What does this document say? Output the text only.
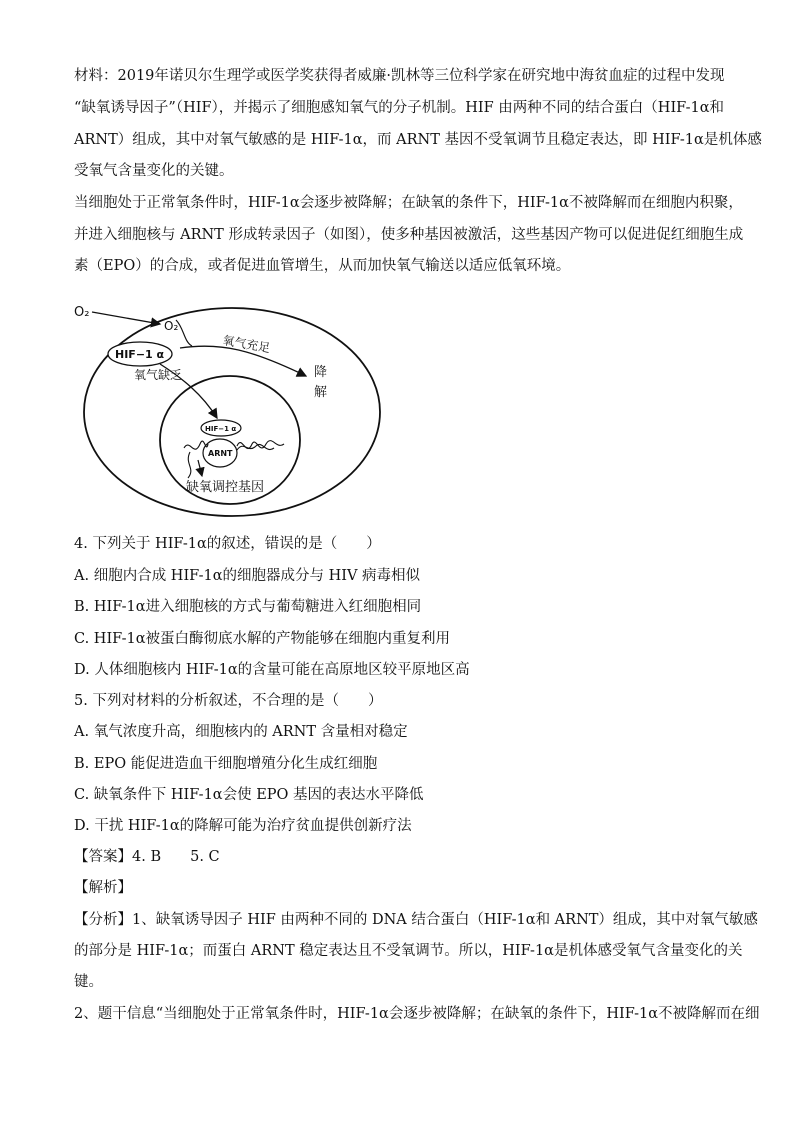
材料：2019年诺贝尔生理学或医学奖获得者威廉·凯林等三位科学家在研究地中海贫血症的过程中发现
“缺氧诱导因子”（HIF），并揭示了细胞感知氧气的分子机制。HIF 由两种不同的结合蛋白（HIF-1α和
ARNT）组成，其中对氧气敏感的是 HIF-1α，而 ARNT 基因不受氧调节且稳定表达，即 HIF-1α是机体感
受氧气含量变化的关键。
当细胞处于正常氧条件时，HIF-1α会逐步被降解；在缺氧的条件下，HIF-1α不被降解而在细胞内积聚，
并进入细胞核与 ARNT 形成转录因子（如图），使多种基因被激活，这些基因产物可以促进促红细胞生成
素（EPO）的合成，或者促进血管增生，从而加快氧气输送以适应低氧环境。
O₂
O₂
氧气充足
降
解
HIF−1 α
氧气缺乏
HIF−1 α
ARNT
缺氧调控基因
4. 下列关于 HIF-1α的叙述，错误的是（　　）
A. 细胞内合成 HIF-1α的细胞器成分与 HIV 病毒相似
B. HIF-1α进入细胞核的方式与葡萄糖进入红细胞相同
C. HIF-1α被蛋白酶彻底水解的产物能够在细胞内重复利用
D. 人体细胞核内 HIF-1α的含量可能在高原地区较平原地区高
5. 下列对材料的分析叙述，不合理的是（　　）
A. 氧气浓度升高，细胞核内的 ARNT 含量相对稳定
B. EPO 能促进造血干细胞增殖分化生成红细胞
C. 缺氧条件下 HIF-1α会使 EPO 基因的表达水平降低
D. 干扰 HIF-1α的降解可能为治疗贫血提供创新疗法
【答案】4. B　　5. C
【解析】
【分析】1、缺氧诱导因子 HIF 由两种不同的 DNA 结合蛋白（HIF-1α和 ARNT）组成，其中对氧气敏感
的部分是 HIF-1α；而蛋白 ARNT 稳定表达且不受氧调节。所以，HIF-1α是机体感受氧气含量变化的关
键。
2、题干信息“当细胞处于正常氧条件时，HIF-1α会逐步被降解；在缺氧的条件下，HIF-1α不被降解而在细
